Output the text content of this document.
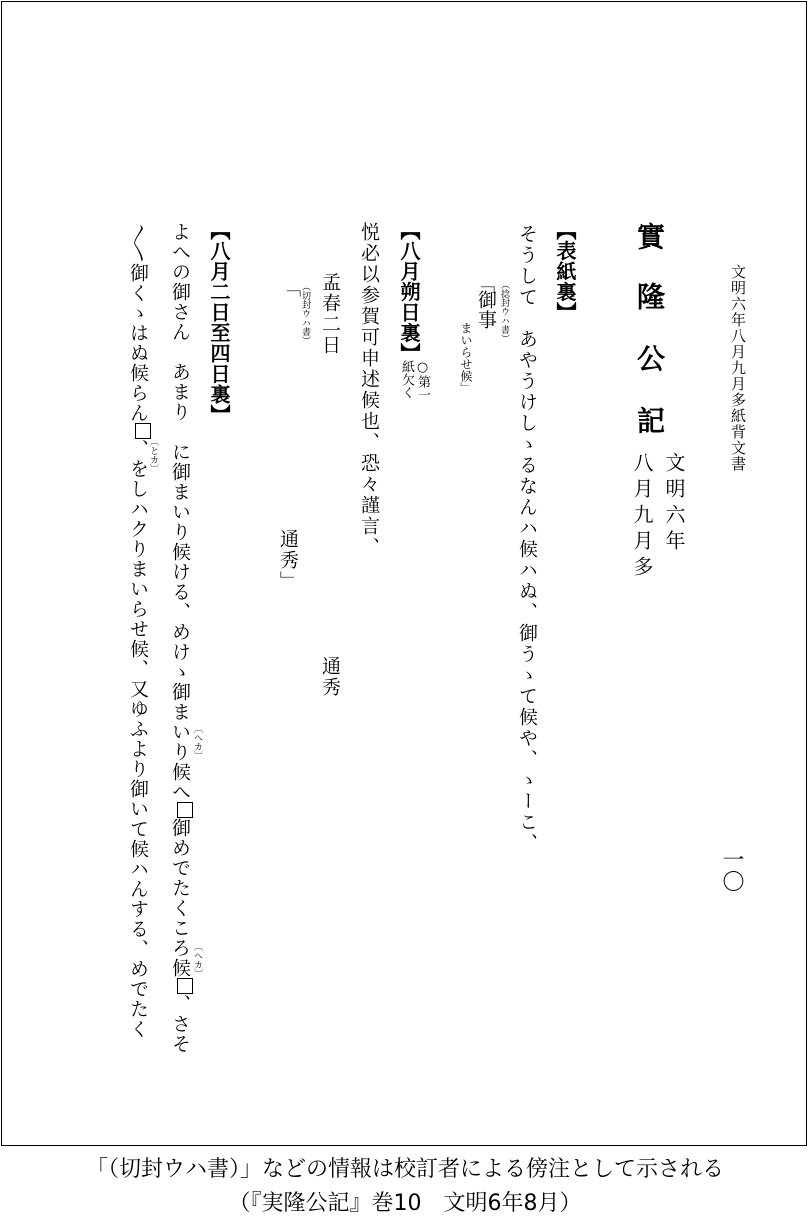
文明六年八月九月多紙背文書
一〇
實
隆
公
記
文明六年
八月九月多
【表紙裏】
そうして　あやうけしゝるなんハ候ハぬ、御うゝて候や、ゝーこ、
（捻封ウハ書）
「
御事
まいらせ候」
【八月朔日裏】
○第一
紙欠く
悦必以参賀可申述候也、恐々謹言、
孟春二日
通秀
（切封ウハ書）
「
通秀」
【八月二日至四日裏】
よへの御さん　あまり　に御まいり候ける、めけゝ御まいり候へ御めでたくころ候、さそ
〔へカ〕
〔へカ〕
〳〵御くゝはぬ候らん、をしハクりまいらせ候、又ゆふより御いて候ハんする、めでたく 〔とカ〕
「（切封ウハ書）」などの情報は校訂者による傍注として示される
（『実隆公記』巻10　文明6年8月）
